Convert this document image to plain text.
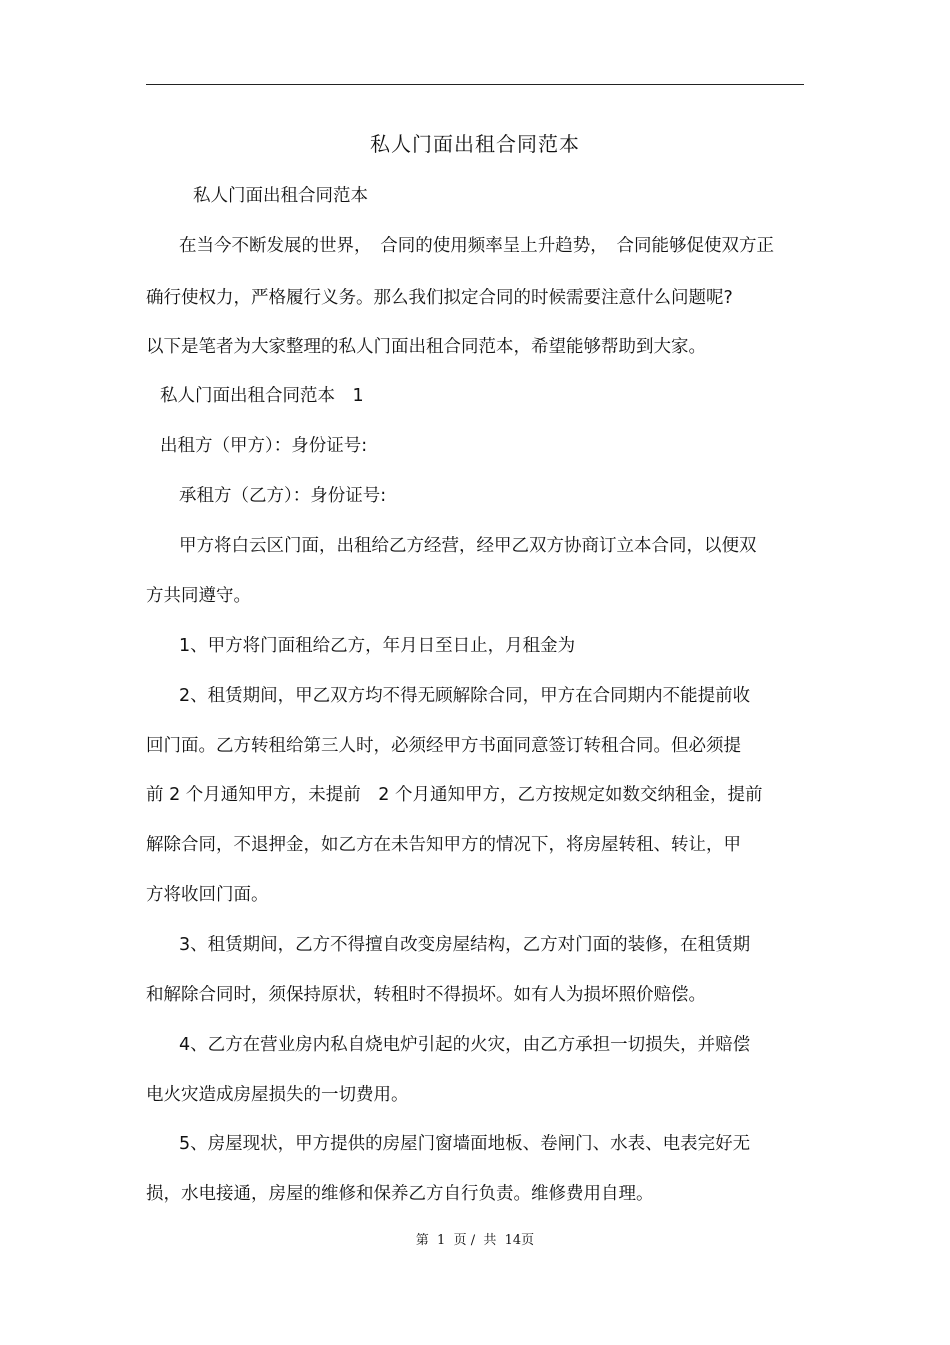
私人门面出租合同范本
私人门面出租合同范本
在当今不断发展的世界，　合同的使用频率呈上升趋势，　合同能够促使双方正
确行使权力，严格履行义务。那么我们拟定合同的时候需要注意什么问题呢?
以下是笔者为大家整理的私人门面出租合同范本，希望能够帮助到大家。
私人门面出租合同范本　1
出租方（甲方）：身份证号:
承租方（乙方）：身份证号:
甲方将白云区门面，出租给乙方经营，经甲乙双方协商订立本合同，以便双
方共同遵守。
1、甲方将门面租给乙方，年月日至日止，月租金为
2、租赁期间，甲乙双方均不得无顾解除合同，甲方在合同期内不能提前收
回门面。乙方转租给第三人时，必须经甲方书面同意签订转租合同。但必须提
前 2 个月通知甲方，未提前　2 个月通知甲方，乙方按规定如数交纳租金，提前
解除合同，不退押金，如乙方在未告知甲方的情况下，将房屋转租、转让，甲
方将收回门面。
3、租赁期间，乙方不得擅自改变房屋结构，乙方对门面的装修，在租赁期
和解除合同时，须保持原状，转租时不得损坏。如有人为损坏照价赔偿。
4、乙方在营业房内私自烧电炉引起的火灾，由乙方承担一切损失，并赔偿
电火灾造成房屋损失的一切费用。
5、房屋现状，甲方提供的房屋门窗墙面地板、卷闸门、水表、电表完好无
损，水电接通，房屋的维修和保养乙方自行负责。维修费用自理。
第  1  页 /  共  14页
